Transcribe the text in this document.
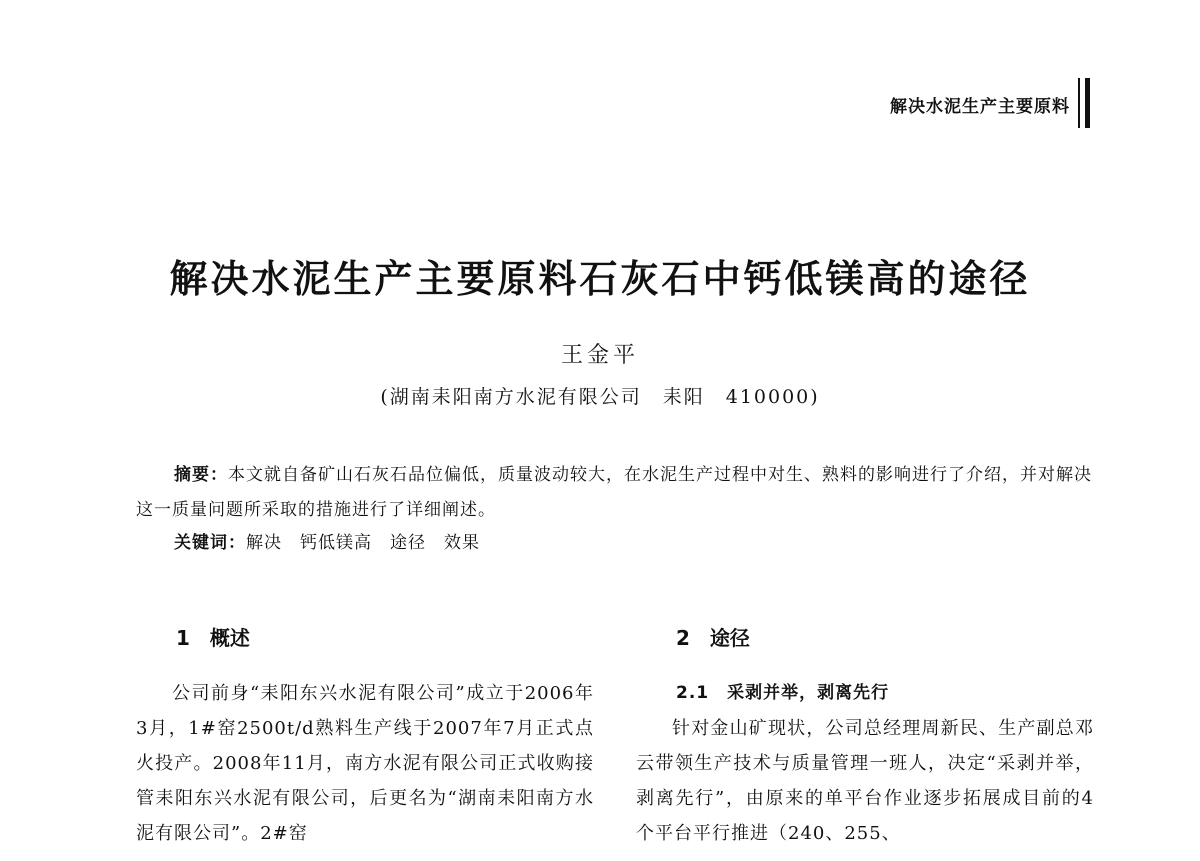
解决水泥生产主要原料
解决水泥生产主要原料石灰石中钙低镁高的途径
王金平
(湖南耒阳南方水泥有限公司　耒阳　410000)
摘要：本文就自备矿山石灰石品位偏低，质量波动较大，在水泥生产过程中对生、熟料的影响进行了介绍，并对解决这一质量问题所采取的措施进行了详细阐述。
关键词：解决　钙低镁高　途径　效果
1　概述	2　途径

公司前身“耒阳东兴水泥有限公司”成立于2006年3月，1#窑2500t/d熟料生产线于2007年7月正式点火投产。2008年11月，南方水泥有限公司正式收购接管耒阳东兴水泥有限公司，后更名为“湖南耒阳南方水泥有限公司”。2#窑

2.1　采剥并举，剥离先行

针对金山矿现状，公司总经理周新民、生产副总邓云带领生产技术与质量管理一班人，决定“采剥并举，剥离先行”，由原来的单平台作业逐步拓展成目前的4个平台平行推进（240、255、
